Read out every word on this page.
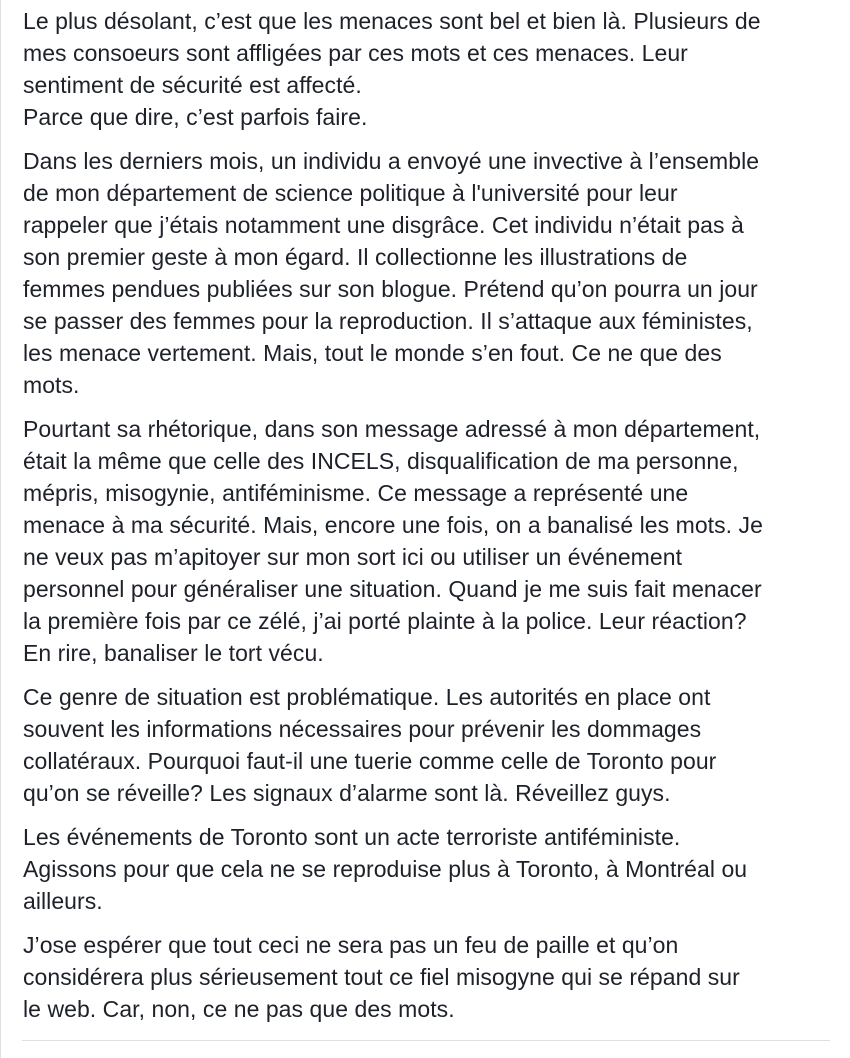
Le plus désolant, c’est que les menaces sont bel et bien là. Plusieurs de
mes consoeurs sont affligées par ces mots et ces menaces. Leur
sentiment de sécurité est affecté.
Parce que dire, c’est parfois faire.

Dans les derniers mois, un individu a envoyé une invective à l’ensemble
de mon département de science politique à l'université pour leur
rappeler que j’étais notamment une disgrâce. Cet individu n’était pas à
son premier geste à mon égard. Il collectionne les illustrations de
femmes pendues publiées sur son blogue. Prétend qu’on pourra un jour
se passer des femmes pour la reproduction. Il s’attaque aux féministes,
les menace vertement. Mais, tout le monde s’en fout. Ce ne que des
mots.

Pourtant sa rhétorique, dans son message adressé à mon département,
était la même que celle des INCELS, disqualification de ma personne,
mépris, misogynie, antiféminisme. Ce message a représenté une
menace à ma sécurité. Mais, encore une fois, on a banalisé les mots. Je
ne veux pas m’apitoyer sur mon sort ici ou utiliser un événement
personnel pour généraliser une situation. Quand je me suis fait menacer
la première fois par ce zélé, j’ai porté plainte à la police. Leur réaction?
En rire, banaliser le tort vécu.

Ce genre de situation est problématique. Les autorités en place ont
souvent les informations nécessaires pour prévenir les dommages
collatéraux. Pourquoi faut-il une tuerie comme celle de Toronto pour
qu’on se réveille? Les signaux d’alarme sont là. Réveillez guys.

Les événements de Toronto sont un acte terroriste antiféministe.
Agissons pour que cela ne se reproduise plus à Toronto, à Montréal ou
ailleurs.

J’ose espérer que tout ceci ne sera pas un feu de paille et qu’on
considérera plus sérieusement tout ce fiel misogyne qui se répand sur
le web. Car, non, ce ne pas que des mots.
